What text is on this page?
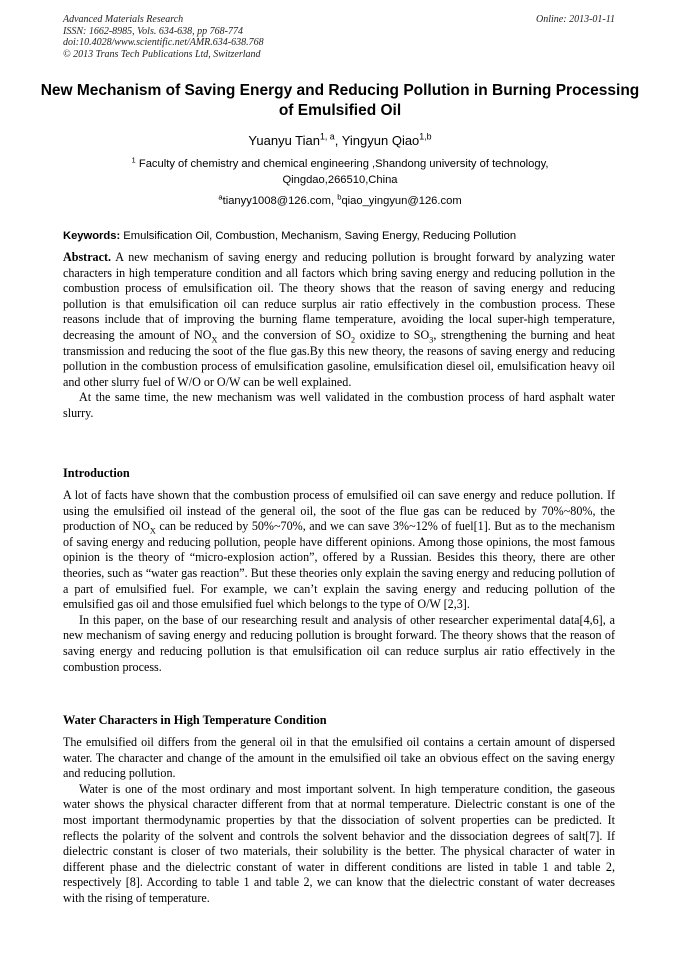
Advanced Materials Research
ISSN: 1662-8985, Vols. 634-638, pp 768-774
doi:10.4028/www.scientific.net/AMR.634-638.768
© 2013 Trans Tech Publications Ltd, Switzerland
Online: 2013-01-11
New Mechanism of Saving Energy and Reducing Pollution in Burning Processing of Emulsified Oil
Yuanyu Tian$^{1, a}$, Yingyun Qiao$^{1,b}$
$^1$ Faculty of chemistry and chemical engineering ,Shandong university of technology, Qingdao,266510,China
$^a$tianyy1008@126.com, $^b$qiao_yingyun@126.com
Keywords: Emulsification Oil, Combustion, Mechanism, Saving Energy, Reducing Pollution

Abstract. A new mechanism of saving energy and reducing pollution is brought forward by analyzing water characters in high temperature condition and all factors which bring saving energy and reducing pollution in the combustion process of emulsification oil. The theory shows that the reason of saving energy and reducing pollution is that emulsification oil can reduce surplus air ratio effectively in the combustion process. These reasons include that of improving the burning flame temperature, avoiding the local super-high temperature, decreasing the amount of $NO_X$ and the conversion of $SO_2$ oxidize to $SO_3$, strengthening the burning and heat transmission and reducing the soot of the flue gas.By this new theory, the reasons of saving energy and reducing pollution in the combustion process of emulsification gasoline, emulsification diesel oil, emulsification heavy oil and other slurry fuel of W/O or O/W can be well explained.

At the same time, the new mechanism was well validated in the combustion process of hard asphalt water slurry.

Introduction

A lot of facts have shown that the combustion process of emulsified oil can save energy and reduce pollution. If using the emulsified oil instead of the general oil, the soot of the flue gas can be reduced by 70%~80%, the production of $NO_X$ can be reduced by 50%~70%, and we can save 3%~12% of fuel[1]. But as to the mechanism of saving energy and reducing pollution, people have different opinions. Among those opinions, the most famous opinion is the theory of “micro-explosion action”, offered by a Russian. Besides this theory, there are other theories, such as “water gas reaction”. But these theories only explain the saving energy and reducing pollution of a part of emulsified fuel. For example, we can’t explain the saving energy and reducing pollution of the emulsified gas oil and those emulsified fuel which belongs to the type of O/W [2,3].

In this paper, on the base of our researching result and analysis of other researcher experimental data[4,6], a new mechanism of saving energy and reducing pollution is brought forward. The theory shows that the reason of saving energy and reducing pollution is that emulsification oil can reduce surplus air ratio effectively in the combustion process.

Water Characters in High Temperature Condition

The emulsified oil differs from the general oil in that the emulsified oil contains a certain amount of dispersed water. The character and change of the amount in the emulsified oil take an obvious effect on the saving energy and reducing pollution.

Water is one of the most ordinary and most important solvent. In high temperature condition, the gaseous water shows the physical character different from that at normal temperature. Dielectric constant is one of the most important thermodynamic properties by that the dissociation of solvent properties can be predicted. It reflects the polarity of the solvent and controls the solvent behavior and the dissociation degrees of salt[7]. If dielectric constant is closer of two materials, their solubility is the better. The physical character of water in different phase and the dielectric constant of water in different conditions are listed in table 1 and table 2, respectively [8]. According to table 1 and table 2, we can know that the dielectric constant of water decreases with the rising of temperature.
